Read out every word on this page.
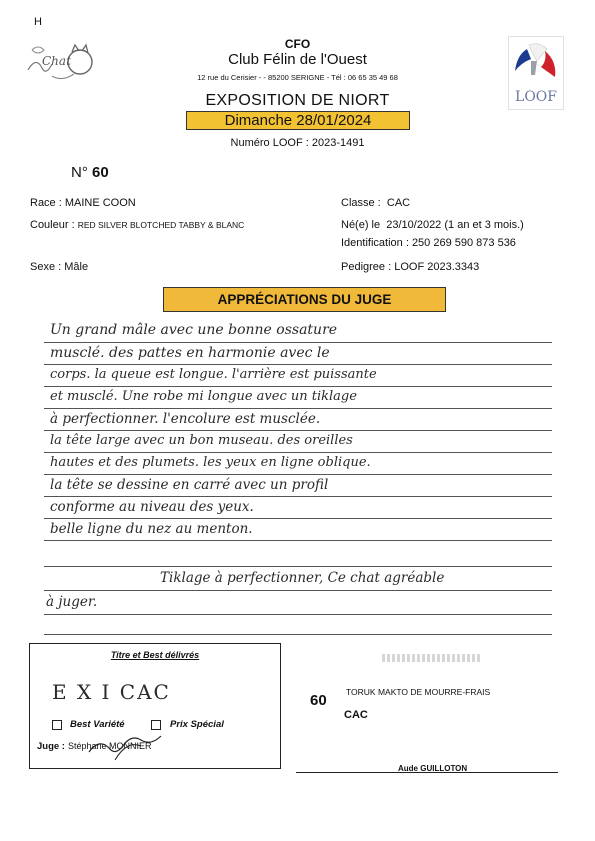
H
Chat
CFO
Club Félin de l'Ouest
12 rue du Cerisier - - 85200 SERIGNE - Tél : 06 65 35 49 68
EXPOSITION DE NIORT
Dimanche 28/01/2024
Numéro LOOF : 2023-1491
LOOF
N° 60
Race : MAINE COON
Couleur : RED SILVER BLOTCHED TABBY & BLANC
Sexe : Mâle
Classe : CAC
Né(e) le 23/10/2022 (1 an et 3 mois.)
Identification : 250 269 590 873 536
Pedigree : LOOF 2023.3343
APPRÉCIATIONS DU JUGE
Un grand mâle avec une bonne ossature
musclé. des pattes en harmonie avec le
corps. la queue est longue. l'arrière est puissante
et musclé. Une robe mi longue avec un tiklage
à perfectionner. l'encolure est musclée.
la tête large avec un bon museau. des oreilles
hautes et des plumets. les yeux en ligne oblique.
la tête se dessine en carré avec un profil
conforme au niveau des yeux.
belle ligne du nez au menton.
Tiklage à perfectionner, Ce chat agréable
à juger.
Titre et Best délivrés
E X I CAC
Best Variété	Prix Spécial
Juge : Stéphane MONNIER
60 TORUK MAKTO DE MOURRE-FRAIS
CAC
Aude GUILLOTON
